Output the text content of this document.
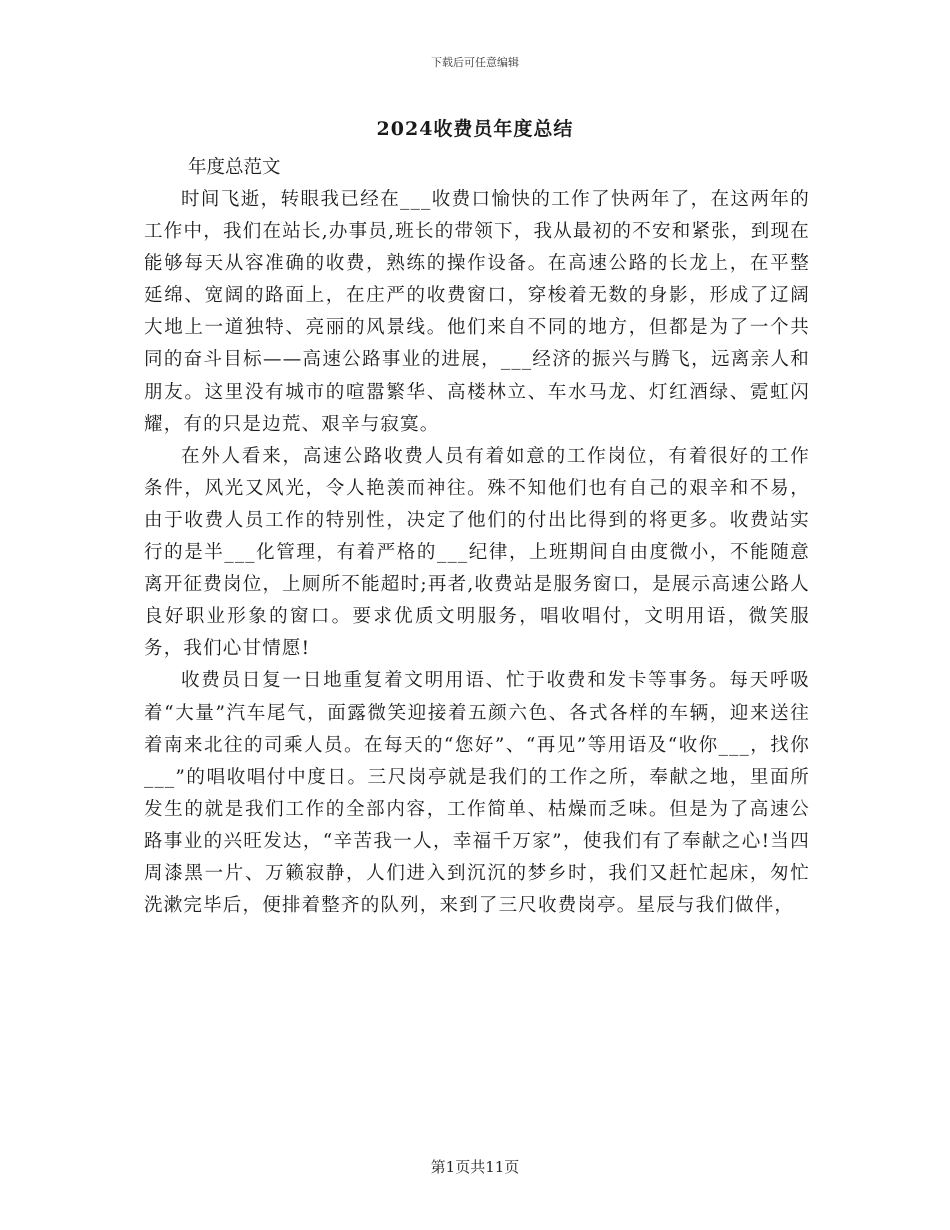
下载后可任意编辑
2024收费员年度总结
年度总范文

时间飞逝，转眼我已经在___收费口愉快的工作了快两年了，在这两年的工作中，我们在站长,办事员,班长的带领下，我从最初的不安和紧张，到现在能够每天从容准确的收费，熟练的操作设备。在高速公路的长龙上，在平整延绵、宽阔的路面上，在庄严的收费窗口，穿梭着无数的身影，形成了辽阔大地上一道独特、亮丽的风景线。他们来自不同的地方，但都是为了一个共同的奋斗目标——高速公路事业的进展，___经济的振兴与腾飞，远离亲人和朋友。这里没有城市的喧嚣繁华、高楼林立、车水马龙、灯红酒绿、霓虹闪耀，有的只是边荒、艰辛与寂寞。

在外人看来，高速公路收费人员有着如意的工作岗位，有着很好的工作条件，风光又风光，令人艳羡而神往。殊不知他们也有自己的艰辛和不易，由于收费人员工作的特别性，决定了他们的付出比得到的将更多。收费站实行的是半___化管理，有着严格的___纪律，上班期间自由度微小，不能随意离开征费岗位，上厕所不能超时;再者,收费站是服务窗口，是展示高速公路人良好职业形象的窗口。要求优质文明服务，唱收唱付，文明用语，微笑服务，我们心甘情愿!

收费员日复一日地重复着文明用语、忙于收费和发卡等事务。每天呼吸着“大量”汽车尾气，面露微笑迎接着五颜六色、各式各样的车辆，迎来送往着南来北往的司乘人员。在每天的“您好”、“再见”等用语及“收你___，找你___”的唱收唱付中度日。三尺岗亭就是我们的工作之所，奉献之地，里面所发生的就是我们工作的全部内容，工作简单、枯燥而乏味。但是为了高速公路事业的兴旺发达，“辛苦我一人，幸福千万家”，使我们有了奉献之心!当四周漆黑一片、万籁寂静，人们进入到沉沉的梦乡时，我们又赶忙起床，匆忙洗漱完毕后，便排着整齐的队列，来到了三尺收费岗亭。星辰与我们做伴，

第1页共11页
